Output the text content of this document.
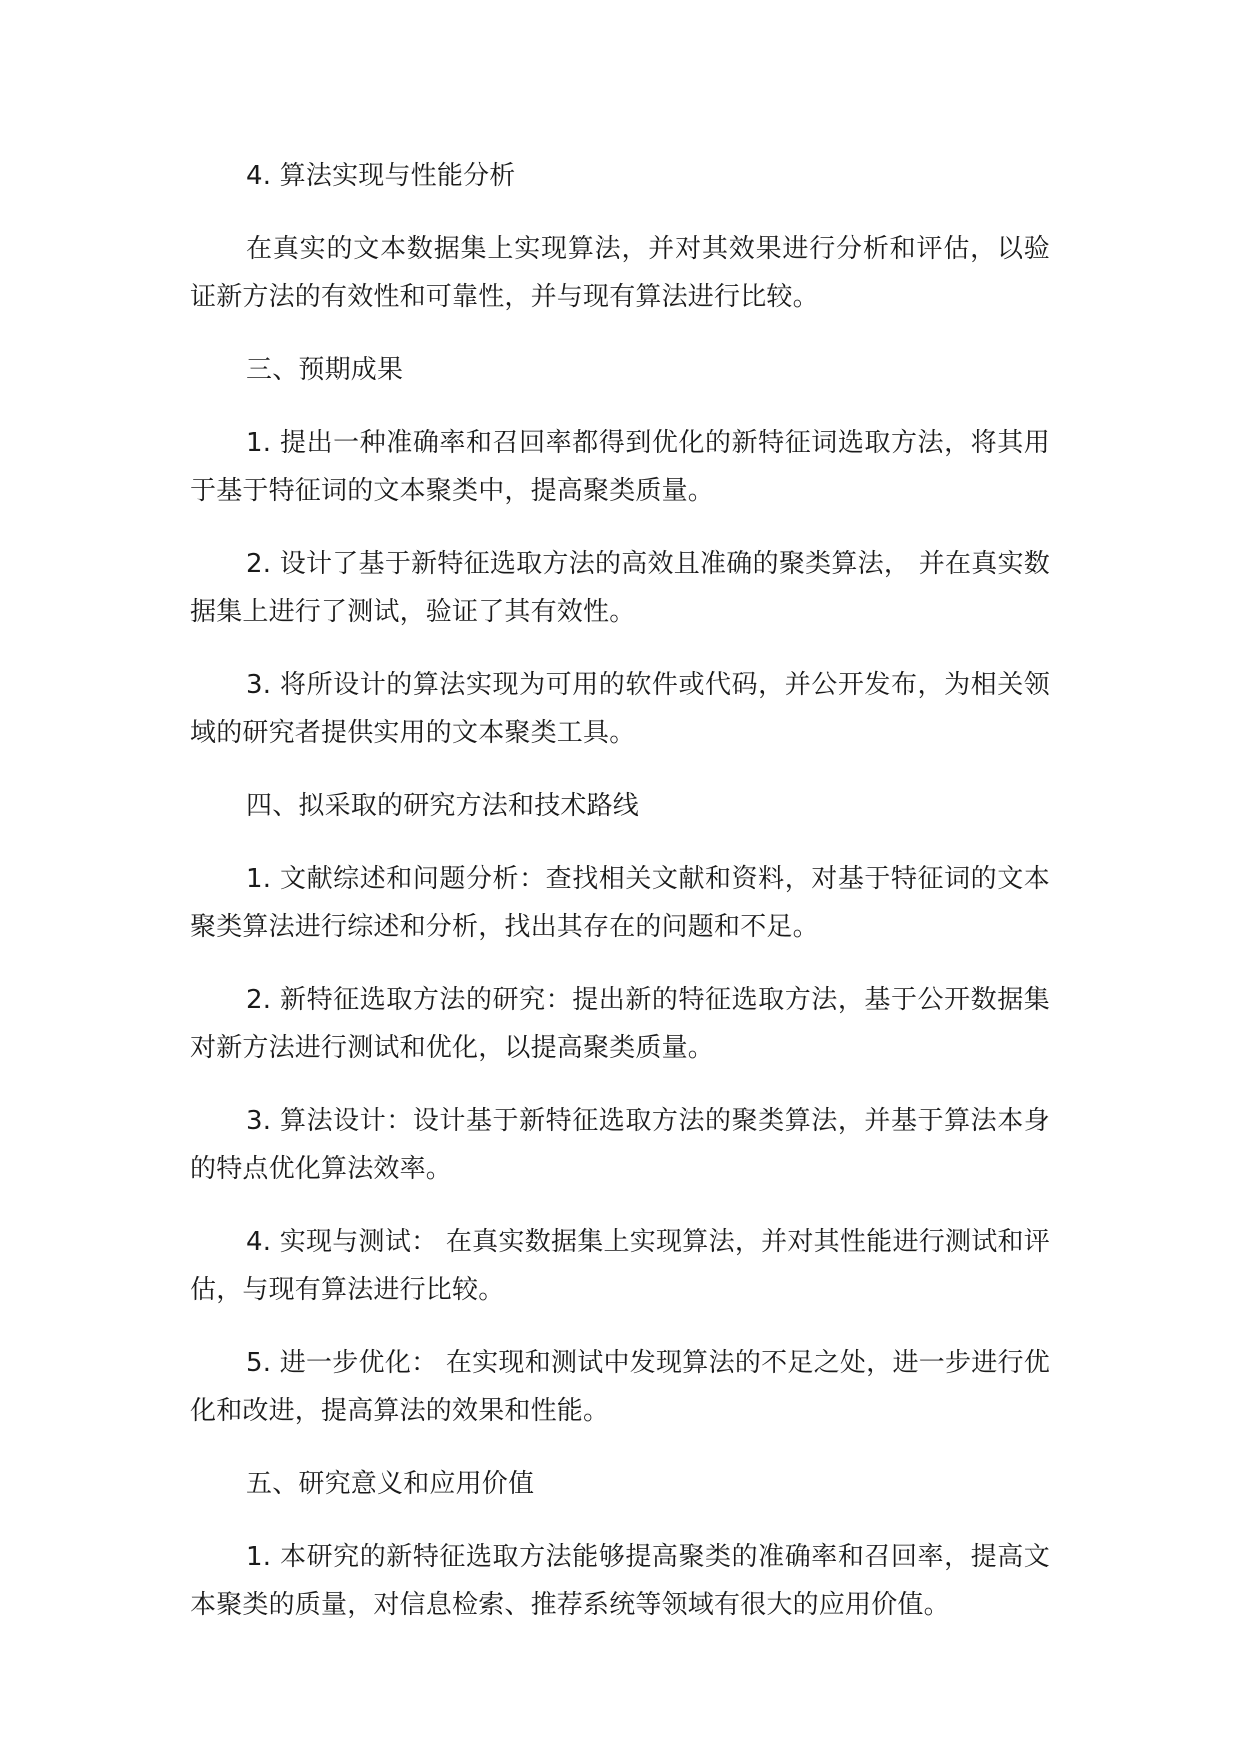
4. 算法实现与性能分析

在真实的文本数据集上实现算法，并对其效果进行分析和评估，以验证新方法的有效性和可靠性，并与现有算法进行比较。

三、预期成果

1. 提出一种准确率和召回率都得到优化的新特征词选取方法，将其用于基于特征词的文本聚类中，提高聚类质量。

2. 设计了基于新特征选取方法的高效且准确的聚类算法， 并在真实数据集上进行了测试，验证了其有效性。

3. 将所设计的算法实现为可用的软件或代码，并公开发布，为相关领域的研究者提供实用的文本聚类工具。

四、拟采取的研究方法和技术路线

1. 文献综述和问题分析：查找相关文献和资料，对基于特征词的文本聚类算法进行综述和分析，找出其存在的问题和不足。

2. 新特征选取方法的研究：提出新的特征选取方法，基于公开数据集对新方法进行测试和优化，以提高聚类质量。

3. 算法设计：设计基于新特征选取方法的聚类算法，并基于算法本身的特点优化算法效率。

4. 实现与测试： 在真实数据集上实现算法，并对其性能进行测试和评估，与现有算法进行比较。

5. 进一步优化： 在实现和测试中发现算法的不足之处，进一步进行优化和改进，提高算法的效果和性能。

五、研究意义和应用价值

1. 本研究的新特征选取方法能够提高聚类的准确率和召回率，提高文本聚类的质量，对信息检索、推荐系统等领域有很大的应用价值。
